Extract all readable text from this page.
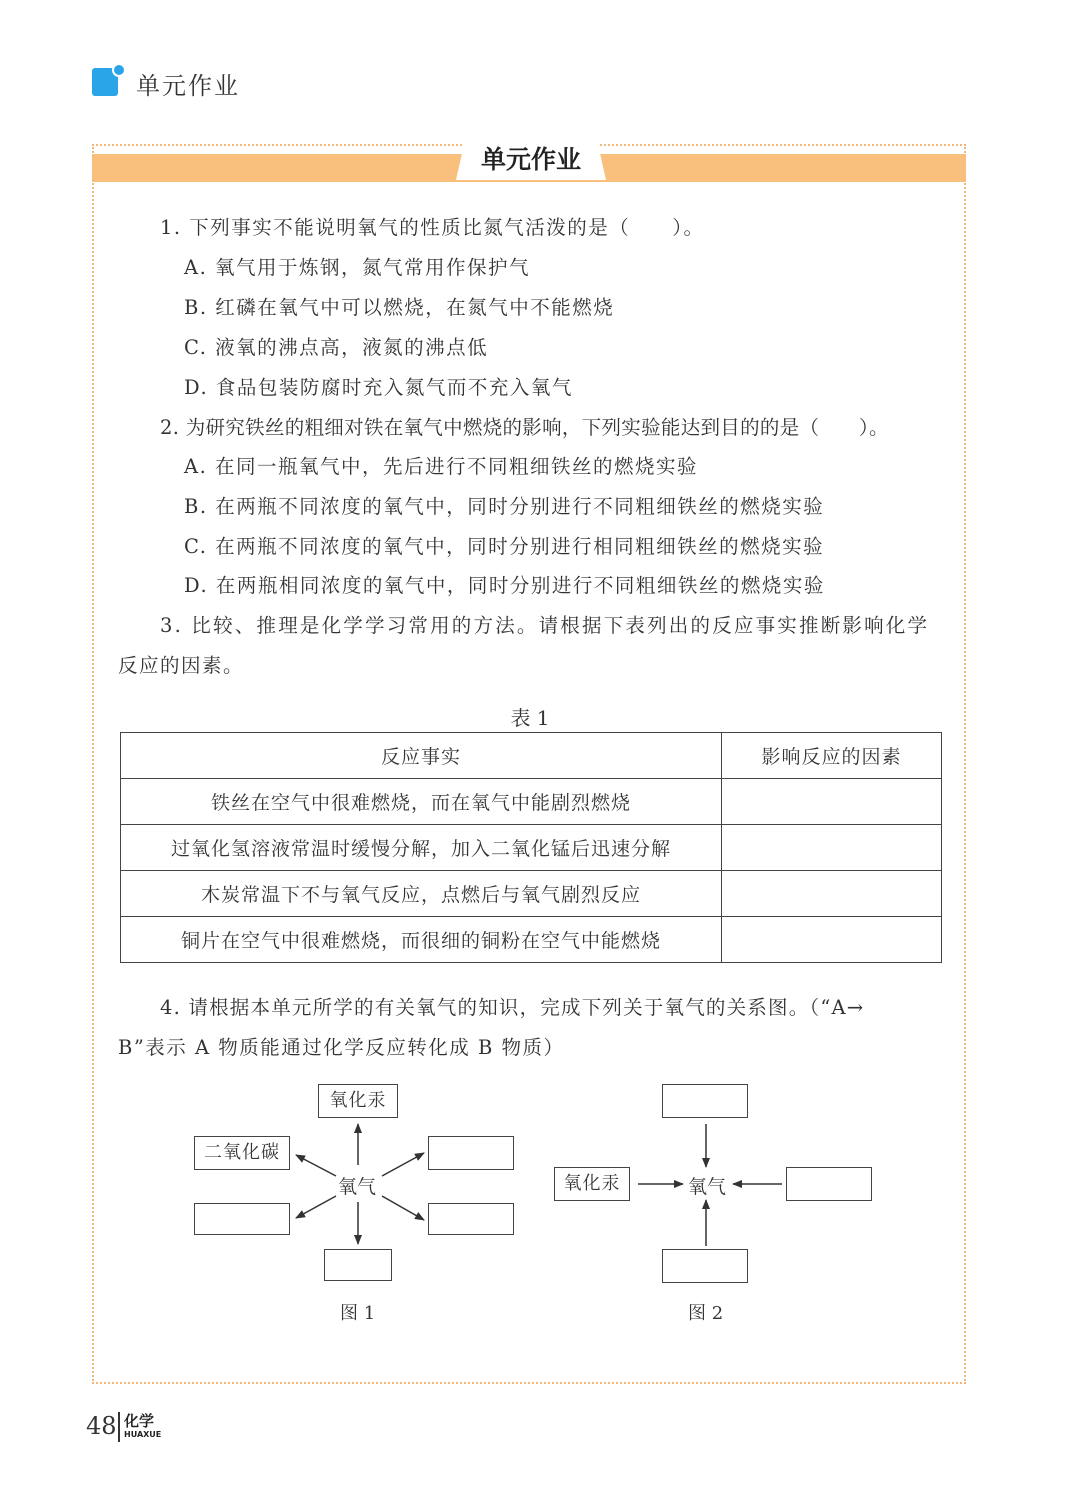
单元作业
单元作业
1. 下列事实不能说明氧气的性质比氮气活泼的是（　　）。
A. 氧气用于炼钢，氮气常用作保护气
B. 红磷在氧气中可以燃烧，在氮气中不能燃烧
C. 液氧的沸点高，液氮的沸点低
D. 食品包装防腐时充入氮气而不充入氧气
2. 为研究铁丝的粗细对铁在氧气中燃烧的影响，下列实验能达到目的的是（　　）。
A. 在同一瓶氧气中，先后进行不同粗细铁丝的燃烧实验
B. 在两瓶不同浓度的氧气中，同时分别进行不同粗细铁丝的燃烧实验
C. 在两瓶不同浓度的氧气中，同时分别进行相同粗细铁丝的燃烧实验
D. 在两瓶相同浓度的氧气中，同时分别进行不同粗细铁丝的燃烧实验
3. 比较、推理是化学学习常用的方法。请根据下表列出的反应事实推断影响化学
反应的因素。
表 1
反应事实	影响反应的因素
铁丝在空气中很难燃烧，而在氧气中能剧烈燃烧	
过氧化氢溶液常温时缓慢分解，加入二氧化锰后迅速分解	
木炭常温下不与氧气反应，点燃后与氧气剧烈反应	
铜片在空气中很难燃烧，而很细的铜粉在空气中能燃烧	
4. 请根据本单元所学的有关氧气的知识，完成下列关于氧气的关系图。（“A→
B”表示 A 物质能通过化学反应转化成 B 物质）
氧化汞
二氧化碳
氧气
图 1
氧化汞	氧气
图 2
48 化学
HUAXUE
